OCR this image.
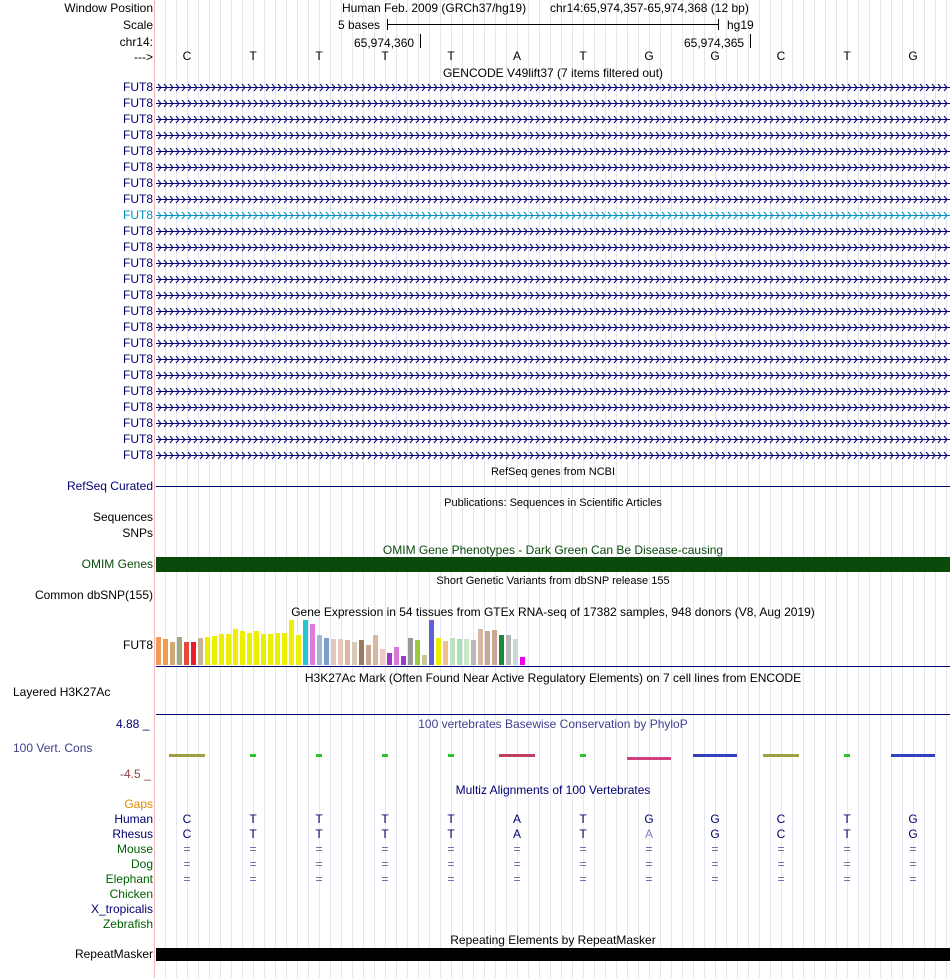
Window Position	Human Feb. 2009 (GRCh37/hg19) chr14:65,974,357-65,974,368 (12 bp)
Scale	5 bases	hg19
chr14:	65,974,360	65,974,365
--->	C	T	T	T	T	A	T	G	G	C	T	G
GENCODE V49lift37 (7 items filtered out)
FUT8
FUT8
FUT8
FUT8
FUT8
FUT8
FUT8
FUT8
FUT8
FUT8
FUT8
FUT8
FUT8
FUT8
FUT8
FUT8
FUT8
FUT8
FUT8
FUT8
FUT8
FUT8
FUT8
FUT8
RefSeq genes from NCBI
RefSeq Curated
Publications: Sequences in Scientific Articles
Sequences
SNPs
OMIM Gene Phenotypes - Dark Green Can Be Disease-causing
OMIM Genes
Short Genetic Variants from dbSNP release 155
Common dbSNP(155)
Gene Expression in 54 tissues from GTEx RNA-seq of 17382 samples, 948 donors (V8, Aug 2019)
FUT8
H3K27Ac Mark (Often Found Near Active Regulatory Elements) on 7 cell lines from ENCODE
Layered H3K27Ac
4.88 _	100 vertebrates Basewise Conservation by PhyloP
100 Vert. Cons
-4.5 _
Multiz Alignments of 100 Vertebrates
Gaps
Human	C	T	T	T	T	A	T	G	G	C	T	G
Rhesus	C	T	T	T	T	A	T	A	G	C	T	G
Mouse	=	=	=	=	=	=	=	=	=	=	=	=
Dog	=	=	=	=	=	=	=	=	=	=	=	=
Elephant	=	=	=	=	=	=	=	=	=	=	=	=
Chicken
X_tropicalis
Zebrafish
Repeating Elements by RepeatMasker
RepeatMasker
